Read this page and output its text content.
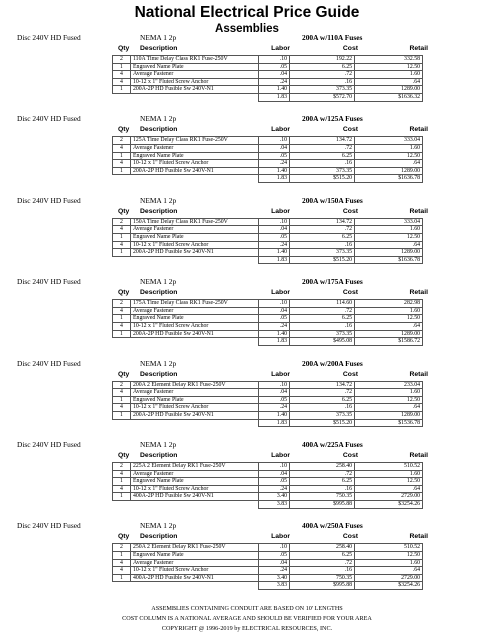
National Electrical Price Guide
Assemblies
Disc 240V HD Fused	NEMA 1 2p	200A w/110A Fuses
Qty Description	Labor	Cost	Retail
2	110A Time Delay Class RK1 Fuse-250V	.10	192.22	332.58
1	Engraved Name Plate	.05	6.25	12.50
4	Average Fastener	.04	.72	1.60
4	10-12 x 1" Fluted Screw Anchor	.24	.16	.64
1	200A-2P HD Fusible Sw 240V-N1	1.40	373.35	1289.00
		1.83	$572.70	$1636.32
Disc 240V HD Fused	NEMA 1 2p	200A w/125A Fuses
Qty Description	Labor	Cost	Retail
2	125A Time Delay Class RK1 Fuse-250V	.10	134.72	333.04
4	Average Fastener	.04	.72	1.60
1	Engraved Name Plate	.05	6.25	12.50
4	10-12 x 1" Fluted Screw Anchor	.24	.16	.64
1	200A-2P HD Fusible Sw 240V-N1	1.40	373.35	1289.00
		1.83	$515.20	$1636.78
Disc 240V HD Fused	NEMA 1 2p	200A w/150A Fuses
Qty Description	Labor	Cost	Retail
2	150A Time Delay Class RK1 Fuse-250V	.10	134.72	333.04
4	Average Fastener	.04	.72	1.60
1	Engraved Name Plate	.05	6.25	12.50
4	10-12 x 1" Fluted Screw Anchor	.24	.16	.64
1	200A-2P HD Fusible Sw 240V-N1	1.40	373.35	1289.00
		1.83	$515.20	$1636.78
Disc 240V HD Fused	NEMA 1 2p	200A w/175A Fuses
Qty Description	Labor	Cost	Retail
2	175A Time Delay Class RK1 Fuse-250V	.10	114.60	282.98
4	Average Fastener	.04	.72	1.60
1	Engraved Name Plate	.05	6.25	12.50
4	10-12 x 1" Fluted Screw Anchor	.24	.16	.64
1	200A-2P HD Fusible Sw 240V-N1	1.40	373.35	1289.00
		1.83	$495.08	$1586.72
Disc 240V HD Fused	NEMA 1 2p	200A w/200A Fuses
Qty Description	Labor	Cost	Retail
2	200A 2 Element Delay RK1 Fuse-250V	.10	134.72	233.04
4	Average Fastener	.04	.72	1.60
1	Engraved Name Plate	.05	6.25	12.50
4	10-12 x 1" Fluted Screw Anchor	.24	.16	.64
1	200A-2P HD Fusible Sw 240V-N1	1.40	373.35	1289.00
		1.83	$515.20	$1536.78
Disc 240V HD Fused	NEMA 1 2p	400A w/225A Fuses
Qty Description	Labor	Cost	Retail
2	225A 2 Element Delay RK1 Fuse-250V	.10	258.40	510.52
4	Average Fastener	.04	.72	1.60
1	Engraved Name Plate	.05	6.25	12.50
4	10-12 x 1" Fluted Screw Anchor	.24	.16	.64
1	400A-2P HD Fusible Sw 240V-N1	3.40	750.35	2729.00
		3.83	$995.88	$3254.26
Disc 240V HD Fused	NEMA 1 2p	400A w/250A Fuses
Qty Description	Labor	Cost	Retail
2	250A 2 Element Delay RK1 Fuse-250V	.10	258.40	510.52
1	Engraved Name Plate	.05	6.25	12.50
4	Average Fastener	.04	.72	1.60
4	10-12 x 1" Fluted Screw Anchor	.24	.16	.64
1	400A-2P HD Fusible Sw 240V-N1	3.40	750.35	2729.00
		3.83	$995.88	$3254.26
ASSEMBLIES CONTAINING CONDUIT ARE BASED ON 10' LENGTHS
COST COLUMN IS A NATIONAL AVERAGE AND SHOULD BE VERIFIED FOR YOUR AREA
COPYRIGHT @ 1996-2019 by ELECTRICAL RESOURCES, INC.
